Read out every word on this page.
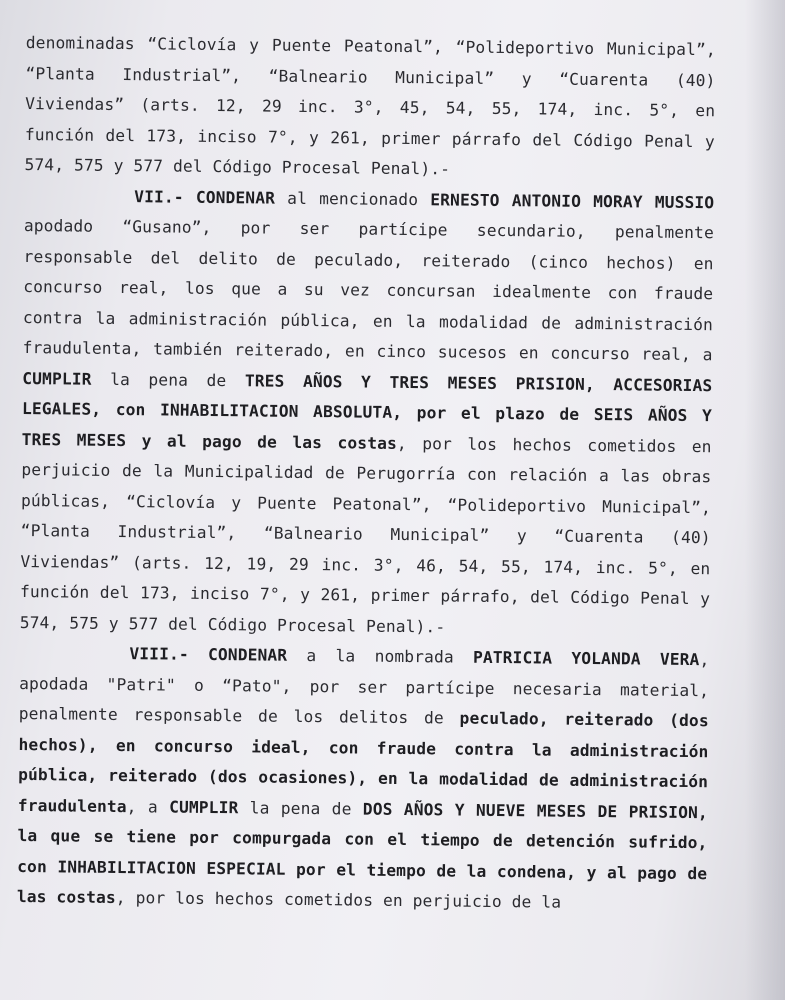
denominadas “Ciclovía y Puente Peatonal”, “Polideportivo Municipal”, “Planta Industrial”, “Balneario Municipal” y “Cuarenta (40) Viviendas” (arts. 12, 29 inc. 3°, 45, 54, 55, 174, inc. 5°, en función del 173, inciso 7°, y 261, primer párrafo del Código Penal y 574, 575 y 577 del Código Procesal Penal).-

VII.- CONDENAR al mencionado ERNESTO ANTONIO MORAY MUSSIO apodado “Gusano”, por ser partícipe secundario, penalmente responsable del delito de peculado, reiterado (cinco hechos) en concurso real, los que a su vez concursan idealmente con fraude contra la administración pública, en la modalidad de administración fraudulenta, también reiterado, en cinco sucesos en concurso real, a CUMPLIR la pena de TRES AÑOS Y TRES MESES PRISION, ACCESORIAS LEGALES, con INHABILITACION ABSOLUTA, por el plazo de SEIS AÑOS Y TRES MESES y al pago de las costas, por los hechos cometidos en perjuicio de la Municipalidad de Perugorría con relación a las obras públicas, “Ciclovía y Puente Peatonal”, “Polideportivo Municipal”, “Planta Industrial”, “Balneario Municipal” y “Cuarenta (40) Viviendas” (arts. 12, 19, 29 inc. 3°, 46, 54, 55, 174, inc. 5°, en función del 173, inciso 7°, y 261, primer párrafo, del Código Penal y 574, 575 y 577 del Código Procesal Penal).-

VIII.- CONDENAR a la nombrada PATRICIA YOLANDA VERA, apodada "Patri" o “Pato", por ser partícipe necesaria material, penalmente responsable de los delitos de peculado, reiterado (dos hechos), en concurso ideal, con fraude contra la administración pública, reiterado (dos ocasiones), en la modalidad de administración fraudulenta, a CUMPLIR la pena de DOS AÑOS Y NUEVE MESES DE PRISION, la que se tiene por compurgada con el tiempo de detención sufrido, con INHABILITACION ESPECIAL por el tiempo de la condena, y al pago de las costas, por los hechos cometidos en perjuicio de la
